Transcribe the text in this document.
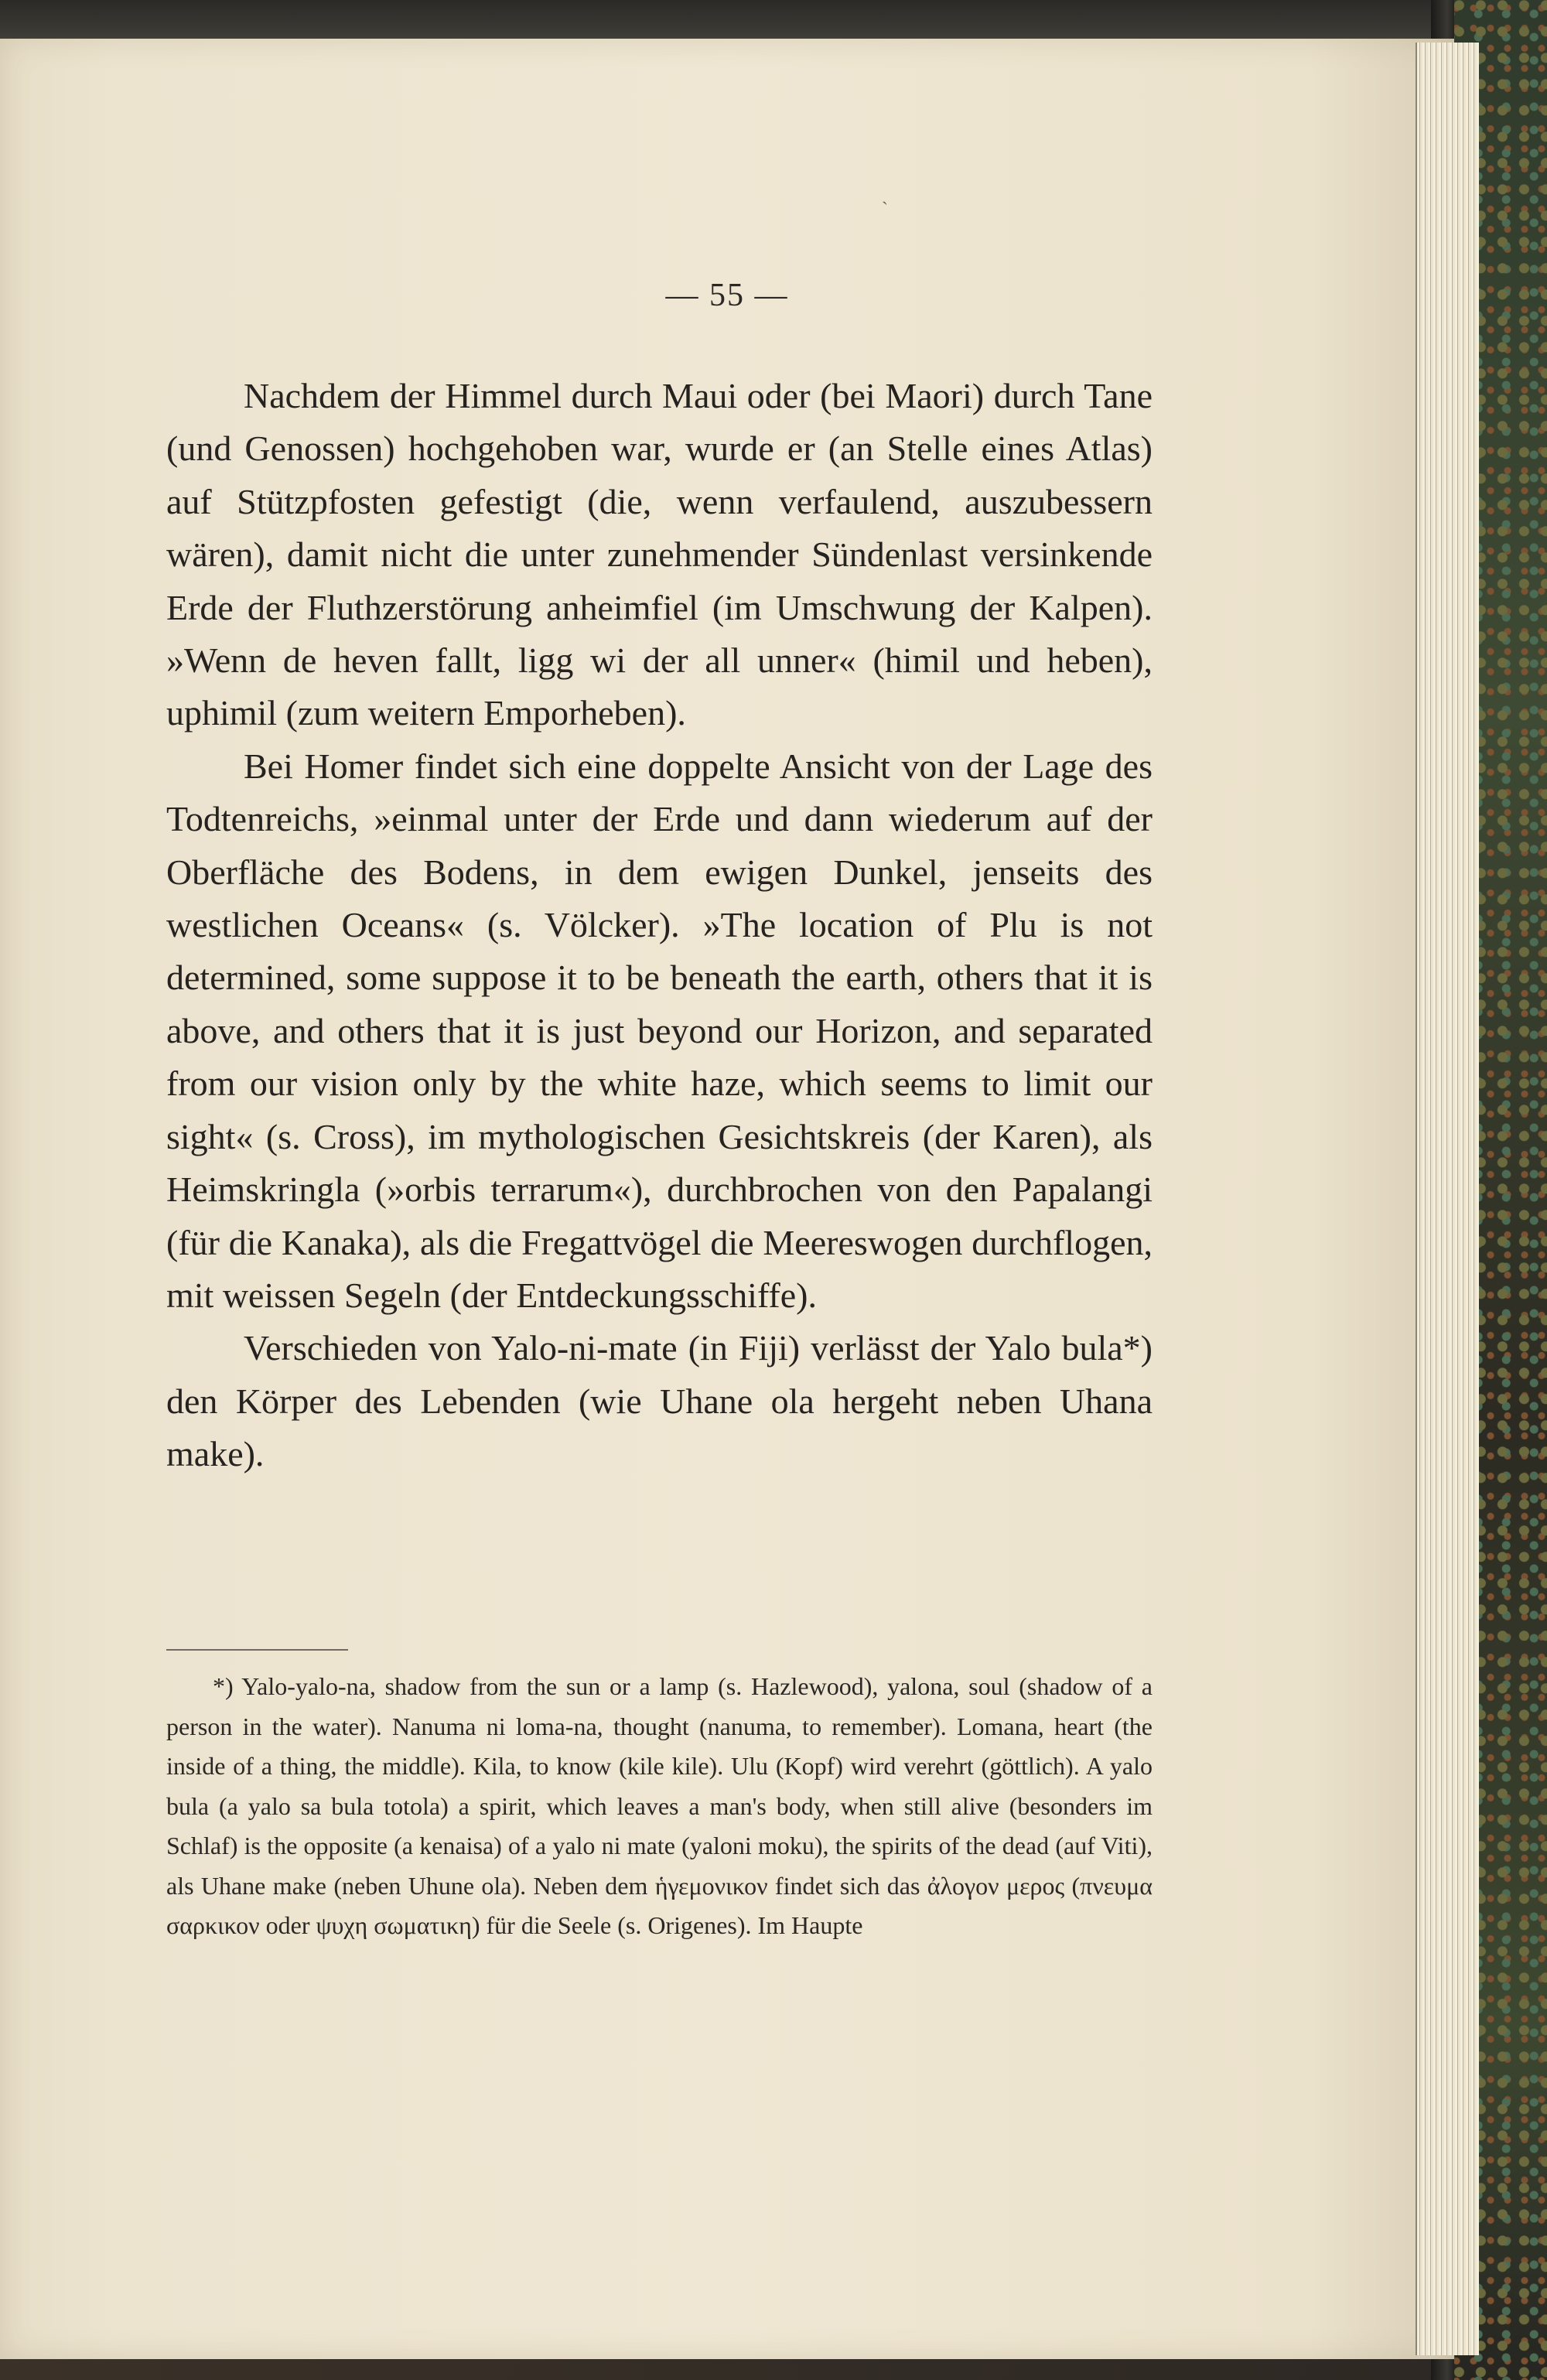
`
— 55 —

Nachdem der Himmel durch Maui oder (bei Maori) durch Tane (und Genossen) hochgehoben war, wurde er (an Stelle eines Atlas) auf Stützpfosten gefestigt (die, wenn verfaulend, auszubessern wären), damit nicht die unter zunehmender Sündenlast versinkende Erde der Fluthzerstörung anheimfiel (im Umschwung der Kalpen). »Wenn de heven fallt, ligg wi der all unner« (himil und heben), uphimil (zum weitern Emporheben).

Bei Homer findet sich eine doppelte Ansicht von der Lage des Todtenreichs, »einmal unter der Erde und dann wiederum auf der Oberfläche des Bodens, in dem ewigen Dunkel, jenseits des westlichen Oceans« (s. Völcker). »The location of Plu is not determined, some suppose it to be beneath the earth, others that it is above, and others that it is just beyond our Horizon, and separated from our vision only by the white haze, which seems to limit our sight« (s. Cross), im mythologischen Gesichtskreis (der Karen), als Heimskringla (»orbis terrarum«), durchbrochen von den Papalangi (für die Kanaka), als die Fregattvögel die Meereswogen durchflogen, mit weissen Segeln (der Entdeckungsschiffe).

Verschieden von Yalo-ni-mate (in Fiji) verlässt der Yalo bula*) den Körper des Lebenden (wie Uhane ola hergeht neben Uhana make).

*) Yalo-yalo-na, shadow from the sun or a lamp (s. Hazlewood), yalona, soul (shadow of a person in the water). Nanuma ni loma-na, thought (nanuma, to remember). Lomana, heart (the inside of a thing, the middle). Kila, to know (kile kile). Ulu (Kopf) wird verehrt (göttlich). A yalo bula (a yalo sa bula totola) a spirit, which leaves a man's body, when still alive (besonders im Schlaf) is the opposite (a kenaisa) of a yalo ni mate (yaloni moku), the spirits of the dead (auf Viti), als Uhane make (neben Uhune ola). Neben dem ἡγεμονικον findet sich das ἀλογον μερος (πνευμα σαρκικον oder ψυχη σωματικη) für die Seele (s. Origenes). Im Haupte
